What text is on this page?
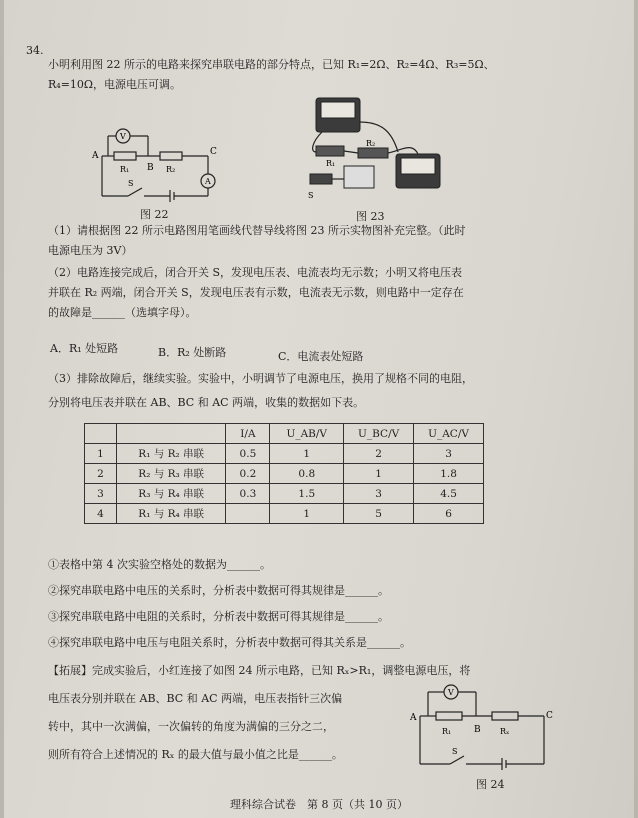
34.
小明利用图 22 所示的电路来探究串联电路的部分特点，已知 R₁=2Ω、R₂=4Ω、R₃=5Ω、
R₄=10Ω，电源电压可调。
A
B
C
R₁	R₂
V
A
S
图 22
R₁
R₂
S
图 23
（1）请根据图 22 所示电路图用笔画线代替导线将图 23 所示实物图补充完整。（此时
电源电压为 3V）
（2）电路连接完成后，闭合开关 S，发现电压表、电流表均无示数；小明又将电压表
并联在 R₂ 两端，闭合开关 S，发现电压表有示数，电流表无示数，则电路中一定存在
的故障是______（选填字母）。
A．R₁ 处短路	B．R₂ 处断路	C．电流表处短路
（3）排除故障后，继续实验。实验中，小明调节了电源电压，换用了规格不同的电阻，
分别将电压表并联在 AB、BC 和 AC 两端，收集的数据如下表。
		I/A	U_AB/V	U_BC/V	U_AC/V
1	R₁ 与 R₂ 串联	0.5	1	2	3
2	R₂ 与 R₃ 串联	0.2	0.8	1	1.8
3	R₃ 与 R₄ 串联	0.3	1.5	3	4.5
4	R₁ 与 R₄ 串联		1	5	6
①表格中第 4 次实验空格处的数据为______。
②探究串联电路中电压的关系时，分析表中数据可得其规律是______。
③探究串联电路中电阻的关系时，分析表中数据可得其规律是______。
④探究串联电路中电压与电阻关系时，分析表中数据可得其关系是______。
【拓展】完成实验后，小红连接了如图 24 所示电路，已知 Rₓ>R₁，调整电源电压，将
电压表分别并联在 AB、BC 和 AC 两端，电压表指针三次偏
转中，其中一次满偏，一次偏转的角度为满偏的三分之二，
则所有符合上述情况的 Rₓ 的最大值与最小值之比是______。
A
B
C
R₁	Rₓ
V
S
图 24
理科综合试卷　第 8 页（共 10 页）
